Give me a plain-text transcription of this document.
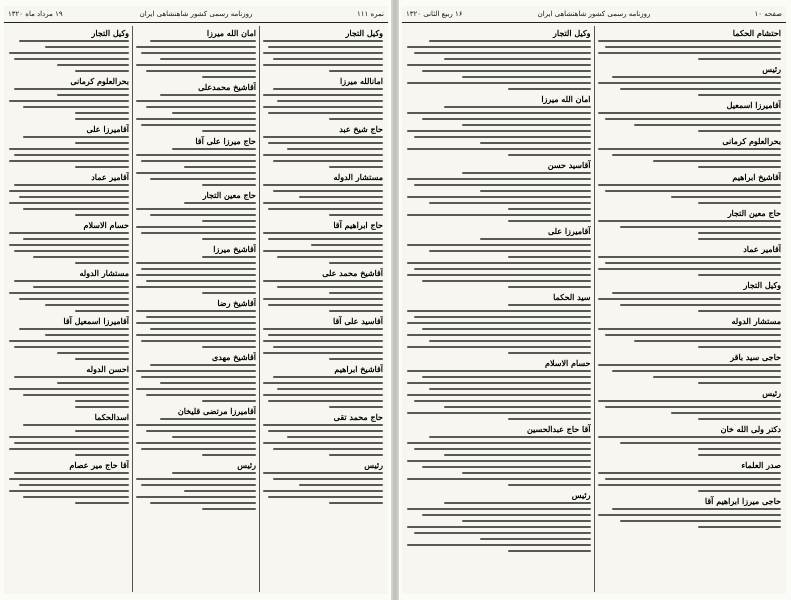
نمره ۱۱۱
روزنامه رسمی کشور شاهنشاهی ایران
۱۹ مرداد ماه ۱۳۲۰
وکیل التجار
امانالله میرزا
حاج شیخ عبد
مستشار الدوله
حاج ابراهیم آقا
آقاشیخ محمد علی
آقاسید علی آقا
آقاشیخ ابراهیم
حاج محمد تقی
رئیس
امان الله میرزا
آقاشیخ محمدعلی
حاج میرزا علی آقا
حاج معین التجار
آقاشیخ میرزا
آقاشیخ رضا
آقاشیخ مهدی
آقامیرزا مرتضی قلیخان
رئیس
وکیل التجار
بحرالعلوم کرمانی
آقامیرزا علی
آقامیر عماد
حسام الاسلام
مستشار الدوله
آقامیرزا اسمعیل آقا
احسن الدوله
اسدالحکما
آقا حاج میر عصام
صفحه ۱۰
روزنامه رسمی کشور شاهنشاهی ایران
۱۶ ربیع الثانی ۱۳۲۰
احتشام الحکما
رئیس
آقامیرزا اسمعیل
بحرالعلوم کرمانی
آقاشیخ ابراهیم
حاج معین التجار
آقامیر عماد
وکیل التجار
مستشار الدوله
حاجی سید باقر
رئیس
دکتر ولی الله خان
صدر العلماء
حاجی میرزا ابراهیم آقا
وکیل التجار
امان الله میرزا
آقاسید حسن
آقامیرزا علی
سید الحکما
حسام الاسلام
آقا حاج عبدالحسین
رئیس
